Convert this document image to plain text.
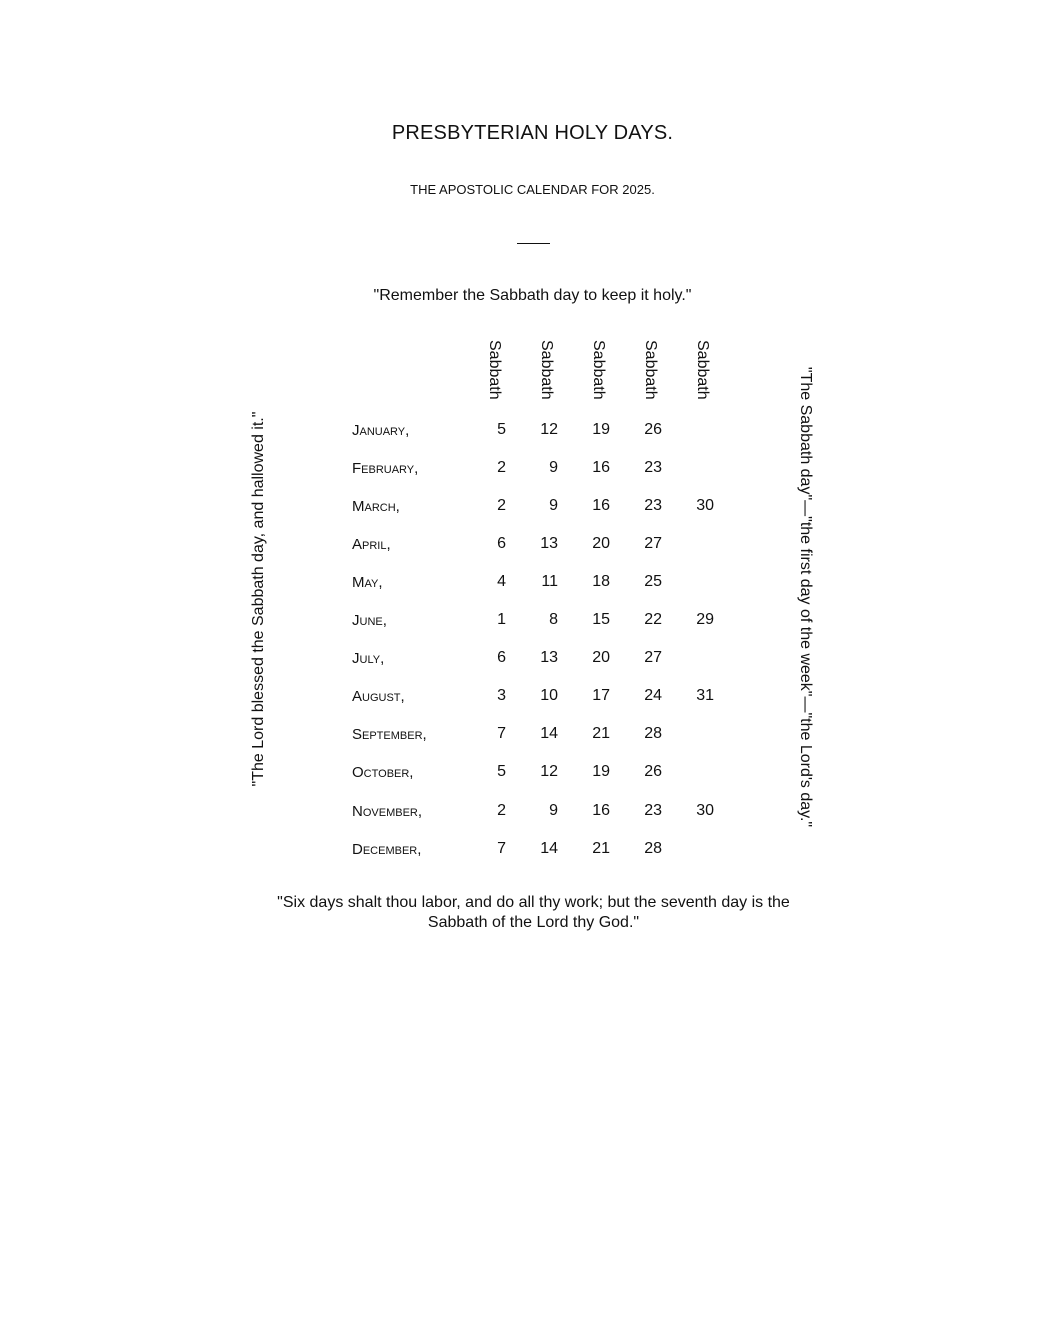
PRESBYTERIAN HOLY DAYS.
THE APOSTOLIC CALENDAR FOR 2025.
"Remember the Sabbath day to keep it holy."
"The Lord blessed the Sabbath day, and hallowed it."	"The Sabbath day"—"the first day of the week"—"the Lord's day."
Sabbath Sabbath Sabbath Sabbath Sabbath
January,	5	12	19	26
February,	2	9	16	23
March,	2	9	16	23	30
April,	6	13	20	27
May,	4	11	18	25
June,	1	8	15	22	29
July,	6	13	20	27
August,	3	10	17	24	31
September,	7	14	21	28
October,	5	12	19	26
November,	2	9	16	23	30
December,	7	14	21	28
"Six days shalt thou labor, and do all thy work; but the seventh day is the Sabbath of the Lord thy God."
